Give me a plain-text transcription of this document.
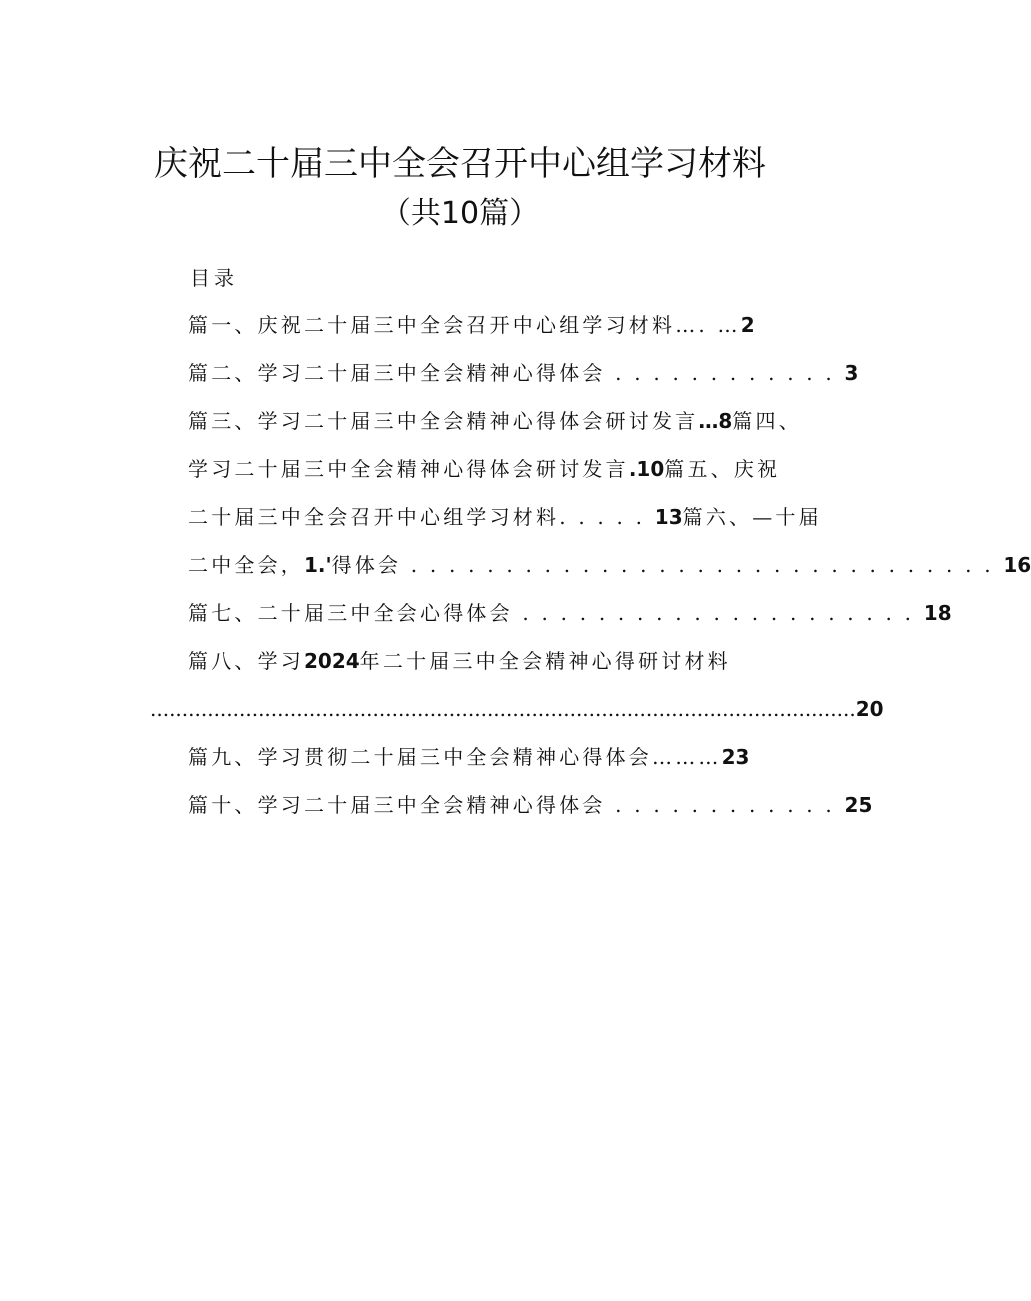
庆祝二十届三中全会召开中心组学习材料
（共10篇）
目录
篇一、庆祝二十届三中全会召开中心组学习材料…. …2
篇二、学习二十届三中全会精神心得体会 . . . . . . . . . . . . 3
篇三、学习二十届三中全会精神心得体会研讨发言…8篇四、
学习二十届三中全会精神心得体会研讨发言.10篇五、庆祝
二十届三中全会召开中心组学习材料. . . . . 13篇六、—十届
二中全会，1.'得体会 . . . . . . . . . . . . . . . . . . . . . . . . . . . . . . . 16
篇七、二十届三中全会心得体会 . . . . . . . . . . . . . . . . . . . . . 18
篇八、学习2024年二十届三中全会精神心得研讨材料
...............................................................................................................20
篇九、学习贯彻二十届三中全会精神心得体会………23
篇十、学习二十届三中全会精神心得体会 . . . . . . . . . . . . 25
